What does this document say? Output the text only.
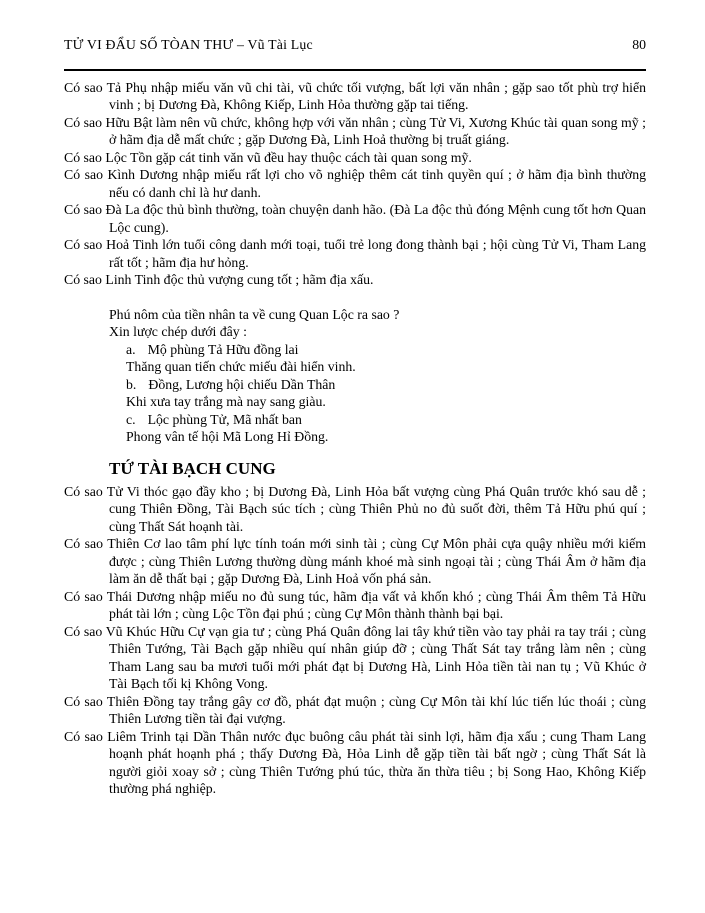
TỬ VI ĐẨU SỐ TÒAN THƯ – Vũ Tài Lục	80

Có sao Tả Phụ nhập miếu văn vũ chi tài, vũ chức tối vượng, bất lợi văn nhân ; gặp sao tốt phù trợ hiển vinh ; bị Dương Đà, Không Kiếp, Linh Hỏa thường gặp tai tiếng.

Có sao Hữu Bật làm nên vũ chức, không hợp với văn nhân ; cùng Tử Vi, Xương Khúc tài quan song mỹ ; ở hãm địa dễ mất chức ; gặp Dương Đà, Linh Hoả thường bị truất giáng.

Có sao Lộc Tồn gặp cát tinh văn vũ đều hay thuộc cách tài quan song mỹ.

Có sao Kình Dương nhập miếu rất lợi cho võ nghiệp thêm cát tinh quyền quí ; ở hãm địa bình thường nếu có danh chỉ là hư danh.

Có sao Đà La độc thủ bình thường, toàn chuyện danh hão. (Đà La độc thủ đóng Mệnh cung tốt hơn Quan Lộc cung).

Có sao Hoả Tinh lớn tuổi công danh mới toại, tuổi trẻ long đong thành bại ; hội cùng Tử Vi, Tham Lang rất tốt ; hãm địa hư hỏng.

Có sao Linh Tinh độc thủ vượng cung tốt ; hãm địa xấu.

Phú nôm của tiền nhân ta về cung Quan Lộc ra sao ?

Xin lược chép dưới đây :

a. Mộ phùng Tả Hữu đồng lai

Thăng quan tiến chức miếu đài hiển vinh.

b. Đồng, Lương hội chiếu Dần Thân

Khi xưa tay trắng mà nay sang giàu.

c. Lộc phùng Tử, Mã nhất ban

Phong vân tế hội Mã Long Hỉ Đồng.

TỨ TÀI BẠCH CUNG

Có sao Tử Vi thóc gạo đầy kho ; bị Dương Đà, Linh Hỏa bất vượng cùng Phá Quân trước khó sau dễ ; cung Thiên Đồng, Tài Bạch súc tích ; cùng Thiên Phủ no đủ suốt đời, thêm Tả Hữu phú quí ; cùng Thất Sát hoạnh tài.

Có sao Thiên Cơ lao tâm phí lực tính toán mới sinh tài ; cùng Cự Môn phải cựa quậy nhiều mới kiếm được ; cùng Thiên Lương thường dùng mánh khoé mà sinh ngoại tài ; cùng Thái Âm ở hãm địa làm ăn dễ thất bại ; gặp Dương Đà, Linh Hoả vốn phá sản.

Có sao Thái Dương nhập miếu no đủ sung túc, hãm địa vất vả khốn khó ; cùng Thái Âm thêm Tả Hữu phát tài lớn ; cùng Lộc Tồn đại phú ; cùng Cự Môn thành thành bại bại.

Có sao Vũ Khúc Hữu Cự vạn gia tư ; cùng Phá Quân đông lai tây khứ tiền vào tay phải ra tay trái ; cùng Thiên Tướng, Tài Bạch gặp nhiều quí nhân giúp đỡ ; cùng Thất Sát tay trắng làm nên ; cùng Tham Lang sau ba mươi tuổi mới phát đạt bị Dương Hà, Linh Hỏa tiền tài nan tụ ; Vũ Khúc ở Tài Bạch tối kị Không Vong.

Có sao Thiên Đồng tay trắng gây cơ đồ, phát đạt muộn ; cùng Cự Môn tài khí lúc tiến lúc thoái ; cùng Thiên Lương tiền tài đại vượng.

Có sao Liêm Trinh tại Dần Thân nước đục buông câu phát tài sinh lợi, hãm địa xấu ; cung Tham Lang hoạnh phát hoạnh phá ; thấy Dương Đà, Hỏa Linh dễ gặp tiền tài bất ngờ ; cùng Thất Sát là người giỏi xoay sở ; cùng Thiên Tướng phú túc, thừa ăn thừa tiêu ; bị Song Hao, Không Kiếp thường phá nghiệp.
